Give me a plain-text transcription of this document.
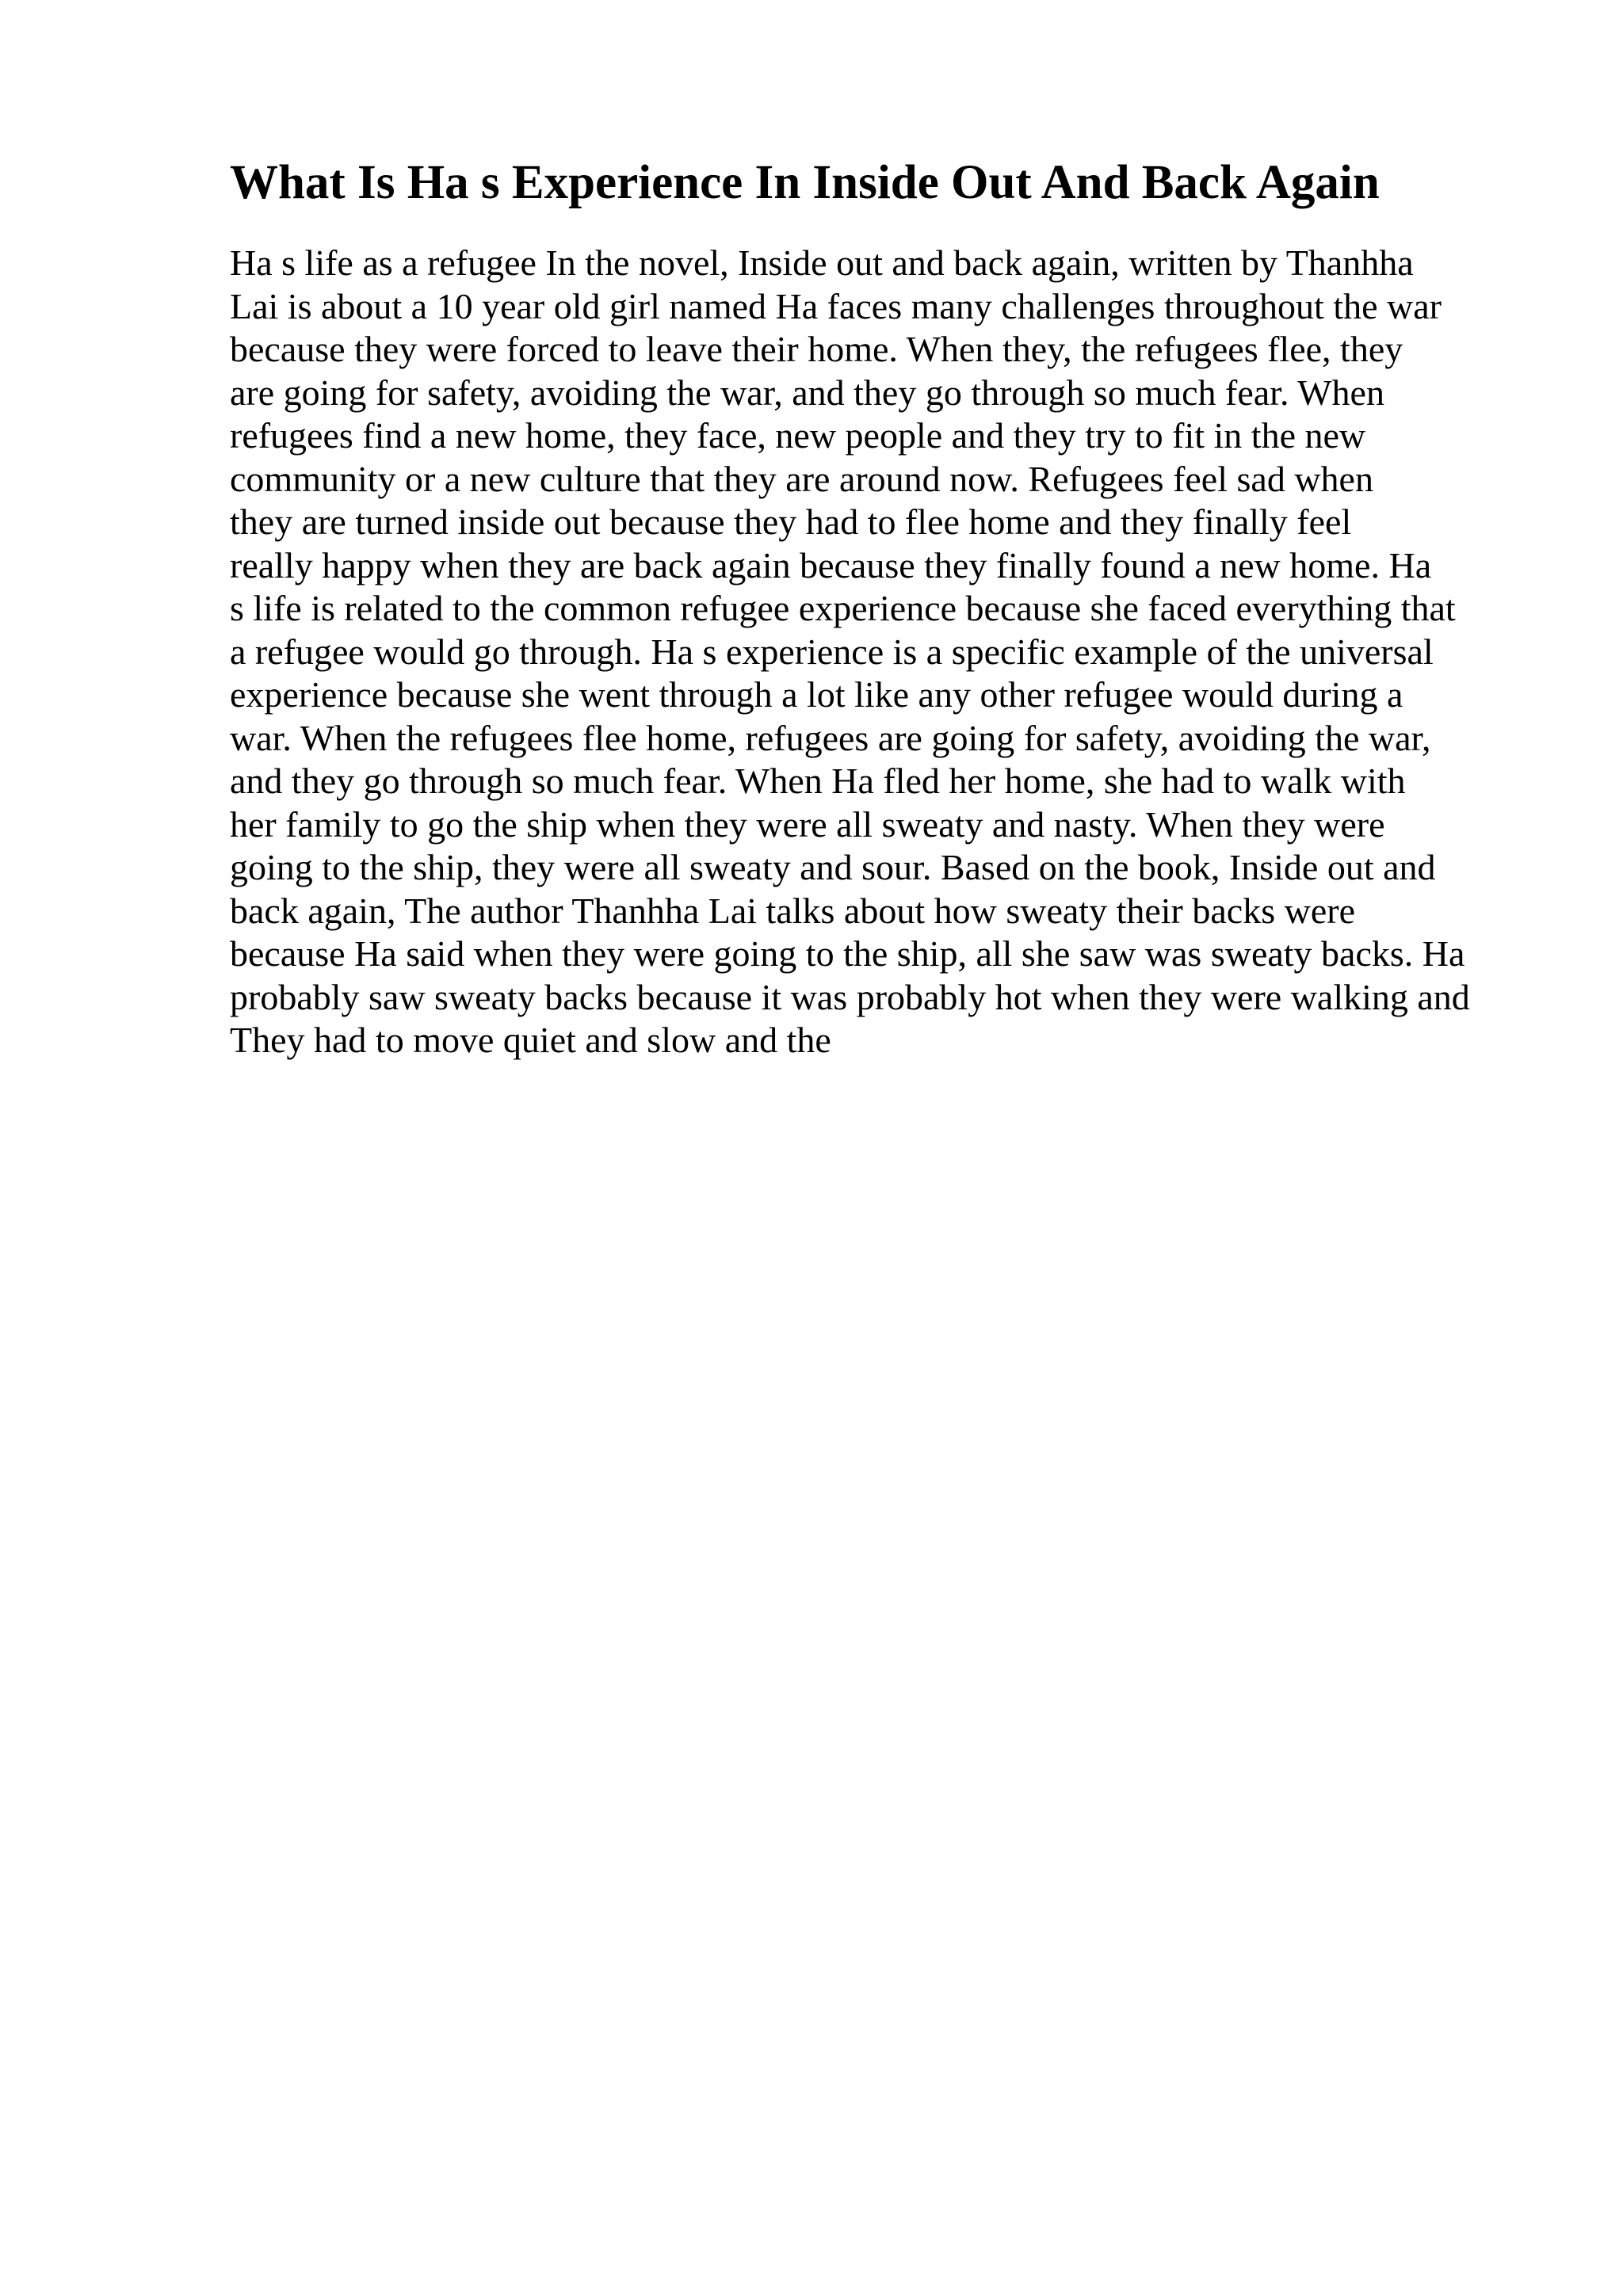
What Is Ha s Experience In Inside Out And Back Again
Ha s life as a refugee In the novel, Inside out and back again, written by Thanhha
Lai is about a 10 year old girl named Ha faces many challenges throughout the war
because they were forced to leave their home. When they, the refugees flee, they
are going for safety, avoiding the war, and they go through so much fear. When
refugees find a new home, they face, new people and they try to fit in the new
community or a new culture that they are around now. Refugees feel sad when
they are turned inside out because they had to flee home and they finally feel
really happy when they are back again because they finally found a new home. Ha
s life is related to the common refugee experience because she faced everything that
a refugee would go through. Ha s experience is a specific example of the universal
experience because she went through a lot like any other refugee would during a
war. When the refugees flee home, refugees are going for safety, avoiding the war,
and they go through so much fear. When Ha fled her home, she had to walk with
her family to go the ship when they were all sweaty and nasty. When they were
going to the ship, they were all sweaty and sour. Based on the book, Inside out and
back again, The author Thanhha Lai talks about how sweaty their backs were
because Ha said when they were going to the ship, all she saw was sweaty backs. Ha
probably saw sweaty backs because it was probably hot when they were walking and
They had to move quiet and slow and the
